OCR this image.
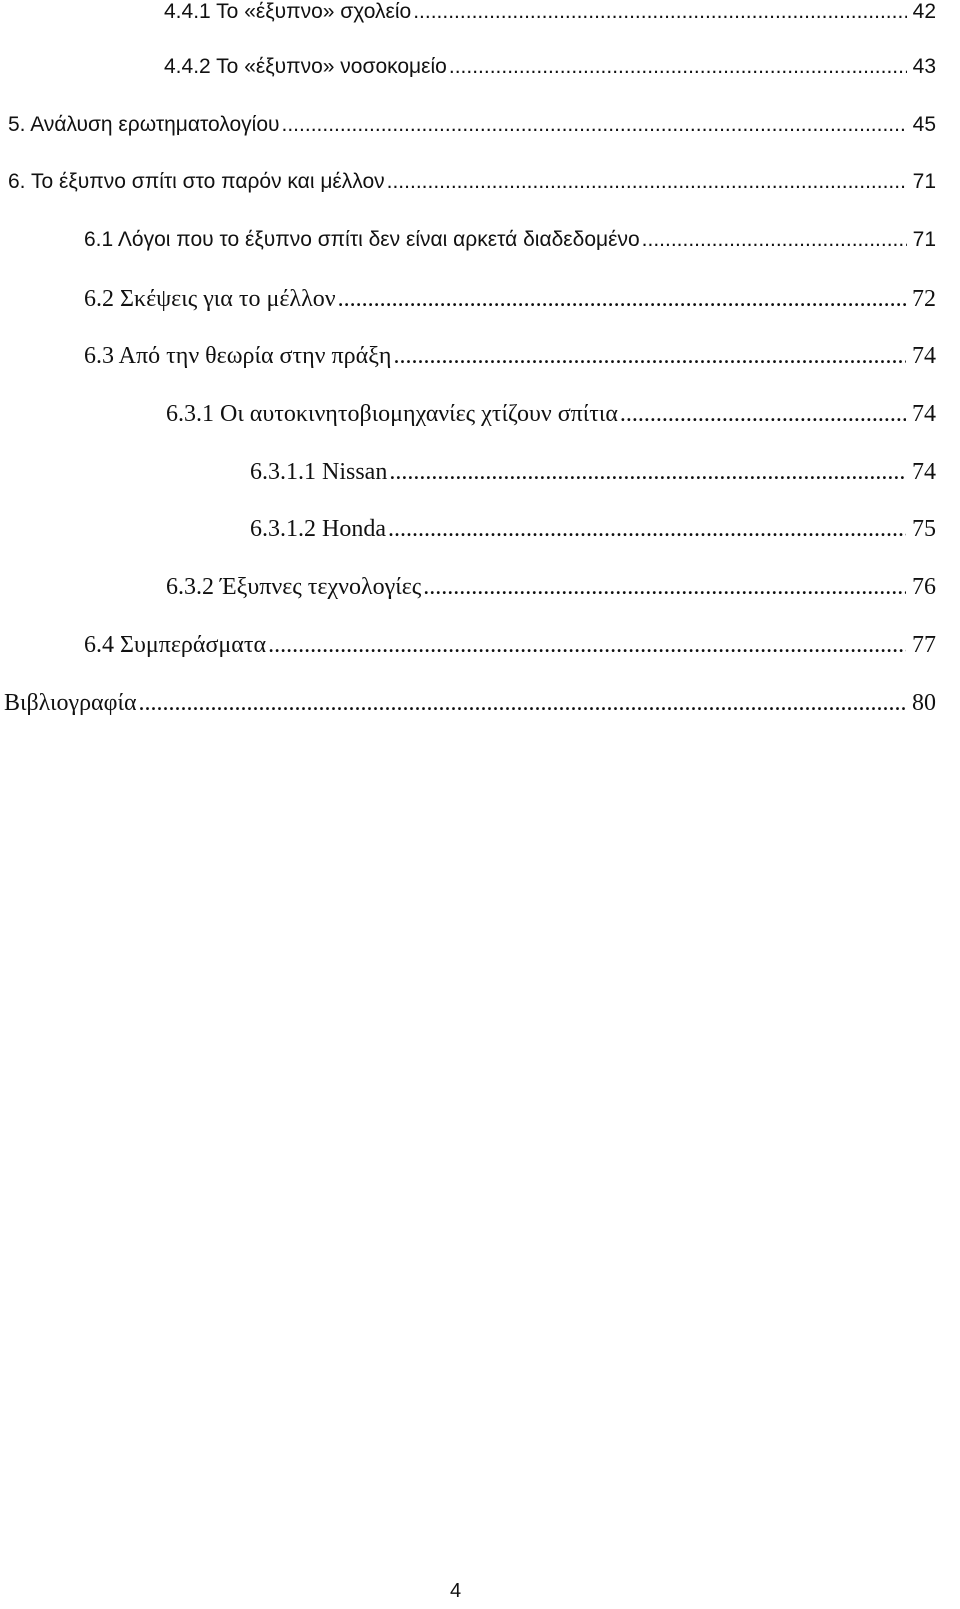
4.4.1 Το «έξυπνο» σχολείο .....	42
4.4.2 Το «έξυπνο» νοσοκομείο .....	43
5. Ανάλυση ερωτηματολογίου .....	45
6. Το έξυπνο σπίτι στο παρόν και μέλλον .....	71
6.1 Λόγοι που το έξυπνο σπίτι δεν είναι αρκετά διαδεδομένο .....	71
6.2 Σκέψεις για το μέλλον .....	72
6.3 Από την θεωρία στην πράξη .....	74
6.3.1 Οι αυτοκινητοβιομηχανίες χτίζουν σπίτια .....	74
6.3.1.1 Nissan .....	74
6.3.1.2 Honda .....	75
6.3.2 Έξυπνες τεχνολογίες .....	76
6.4 Συμπεράσματα .....	77
Βιβλιογραφία .....	80
4
